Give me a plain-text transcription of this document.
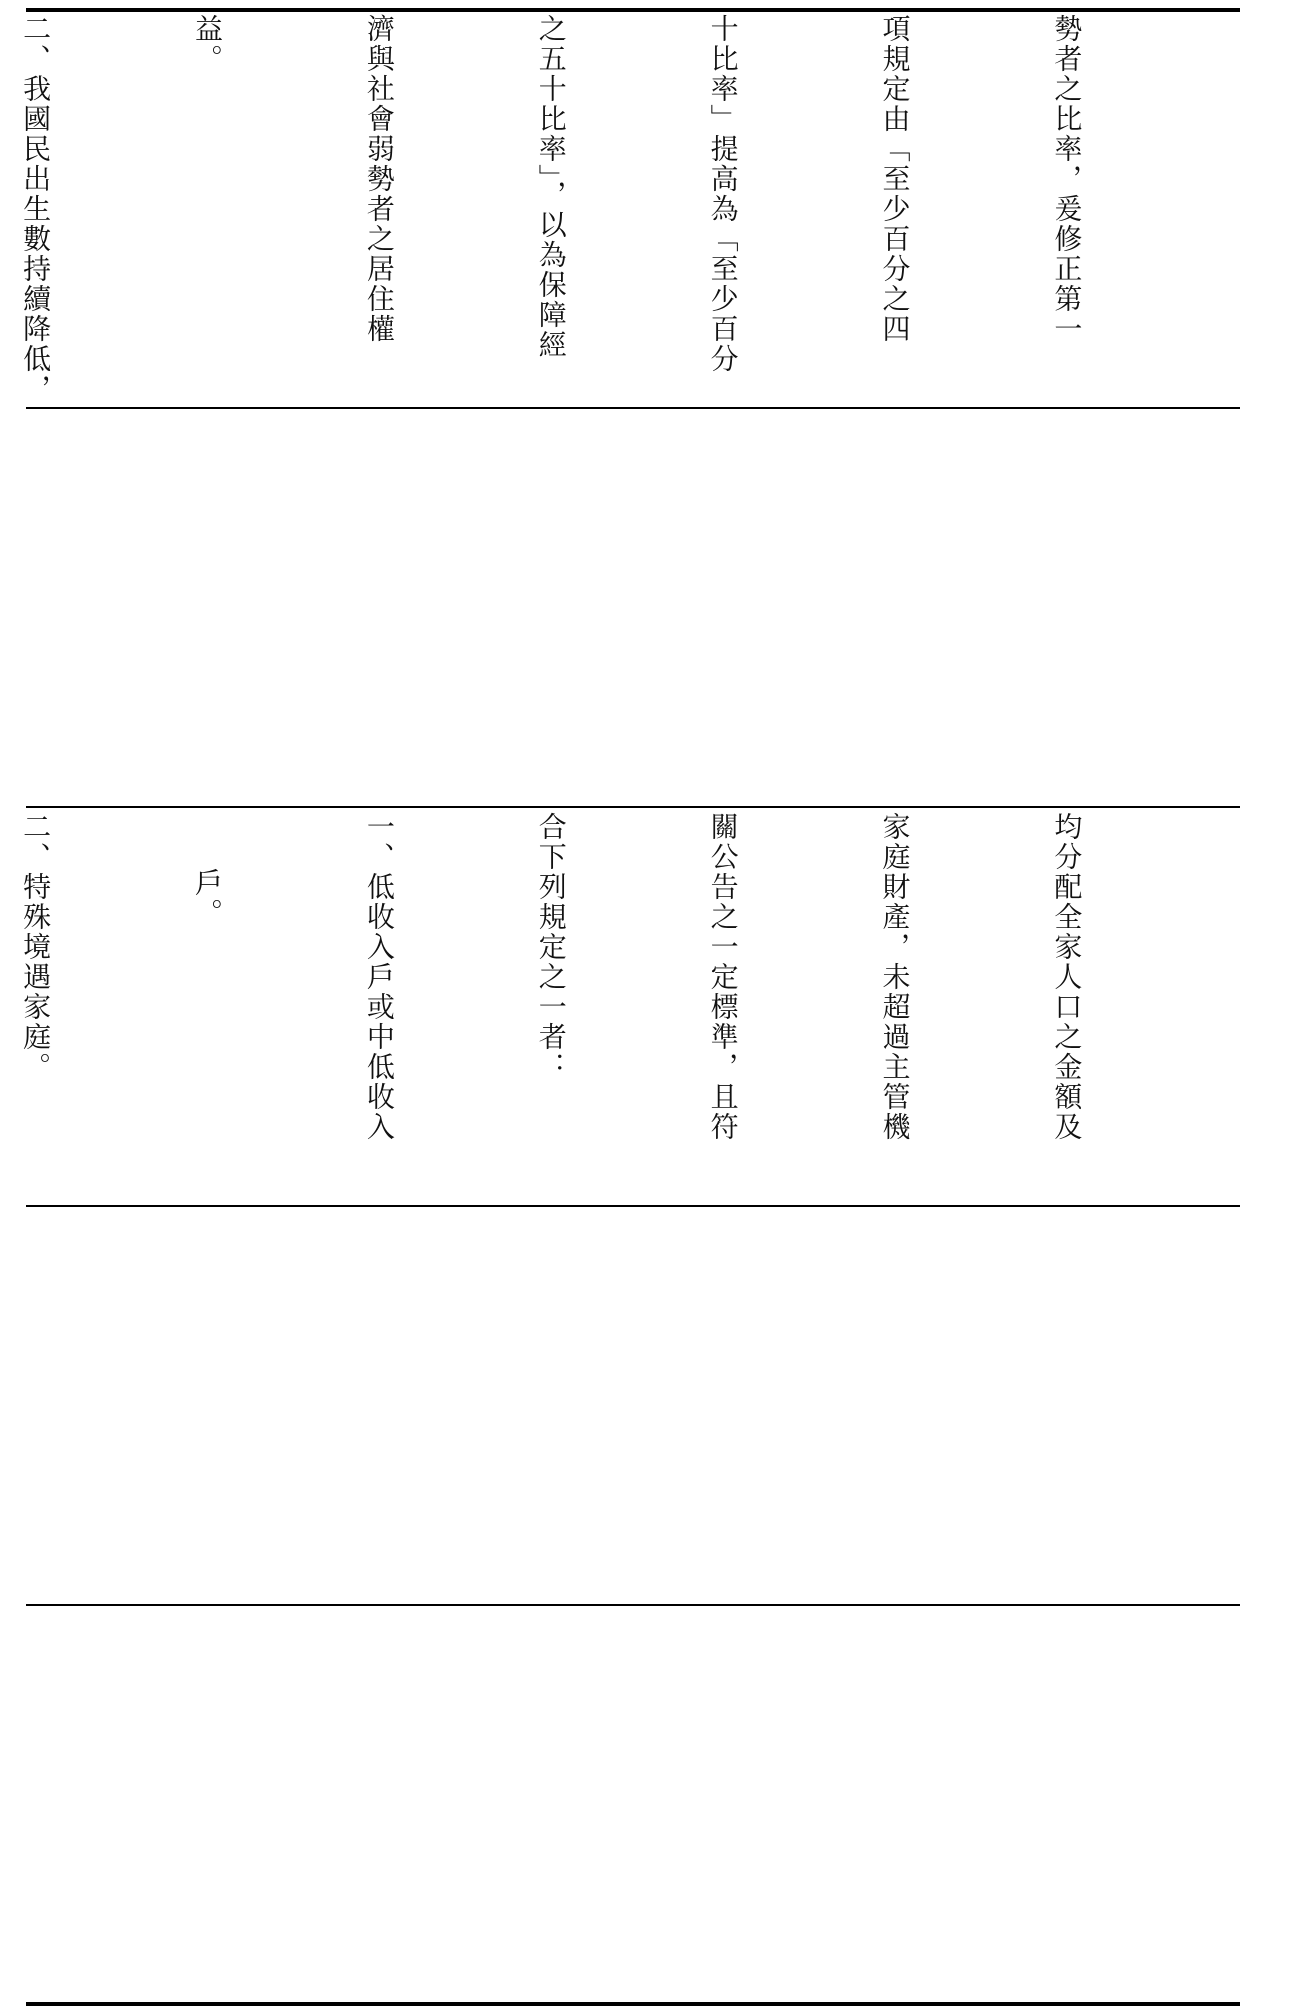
勢者之比率，爰修正第一

項規定由「至少百分之四

十比率」提高為「至少百分

之五十比率」，以為保障經

濟與社會弱勢者之居住權

益。

二、我國民出生數持續降低，

均分配全家人口之金額及

家庭財產，未超過主管機

關公告之一定標準，且符

合下列規定之一者：

一、低收入戶或中低收入

戶。

二、特殊境遇家庭。
